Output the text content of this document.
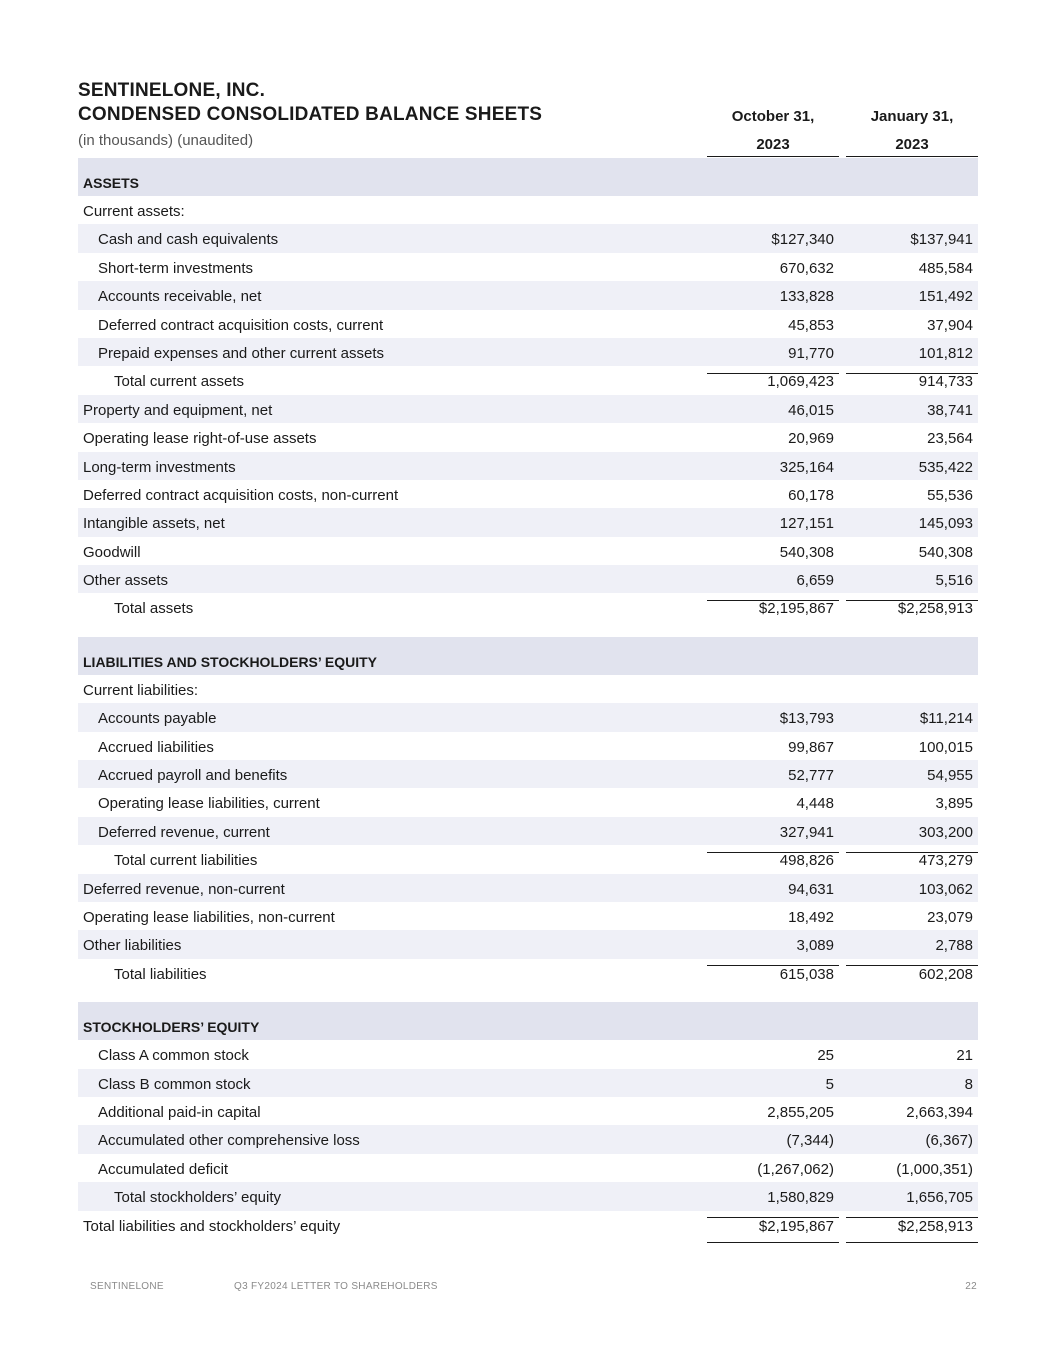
SENTINELONE, INC.
CONDENSED CONSOLIDATED BALANCE SHEETS
(in thousands) (unaudited)
October 31,
2023
January 31,
2023
ASSETS
Current assets:
Cash and cash equivalents	$127,340	$137,941
Short-term investments	670,632	485,584
Accounts receivable, net	133,828	151,492
Deferred contract acquisition costs, current	45,853	37,904
Prepaid expenses and other current assets	91,770	101,812
Total current assets	1,069,423	914,733
Property and equipment, net	46,015	38,741
Operating lease right-of-use assets	20,969	23,564
Long-term investments	325,164	535,422
Deferred contract acquisition costs, non-current	60,178	55,536
Intangible assets, net	127,151	145,093
Goodwill	540,308	540,308
Other assets	6,659	5,516
Total assets	$2,195,867	$2,258,913
LIABILITIES AND STOCKHOLDERS’ EQUITY
Current liabilities:
Accounts payable	$13,793	$11,214
Accrued liabilities	99,867	100,015
Accrued payroll and benefits	52,777	54,955
Operating lease liabilities, current	4,448	3,895
Deferred revenue, current	327,941	303,200
Total current liabilities	498,826	473,279
Deferred revenue, non-current	94,631	103,062
Operating lease liabilities, non-current	18,492	23,079
Other liabilities	3,089	2,788
Total liabilities	615,038	602,208
STOCKHOLDERS’ EQUITY
Class A common stock	25	21
Class B common stock	5	8
Additional paid-in capital	2,855,205	2,663,394
Accumulated other comprehensive loss	(7,344)	(6,367)
Accumulated deficit	(1,267,062)	(1,000,351)
Total stockholders’ equity	1,580,829	1,656,705
Total liabilities and stockholders’ equity	$2,195,867	$2,258,913
SENTINELONE	Q3 FY2024 LETTER TO SHAREHOLDERS	22
